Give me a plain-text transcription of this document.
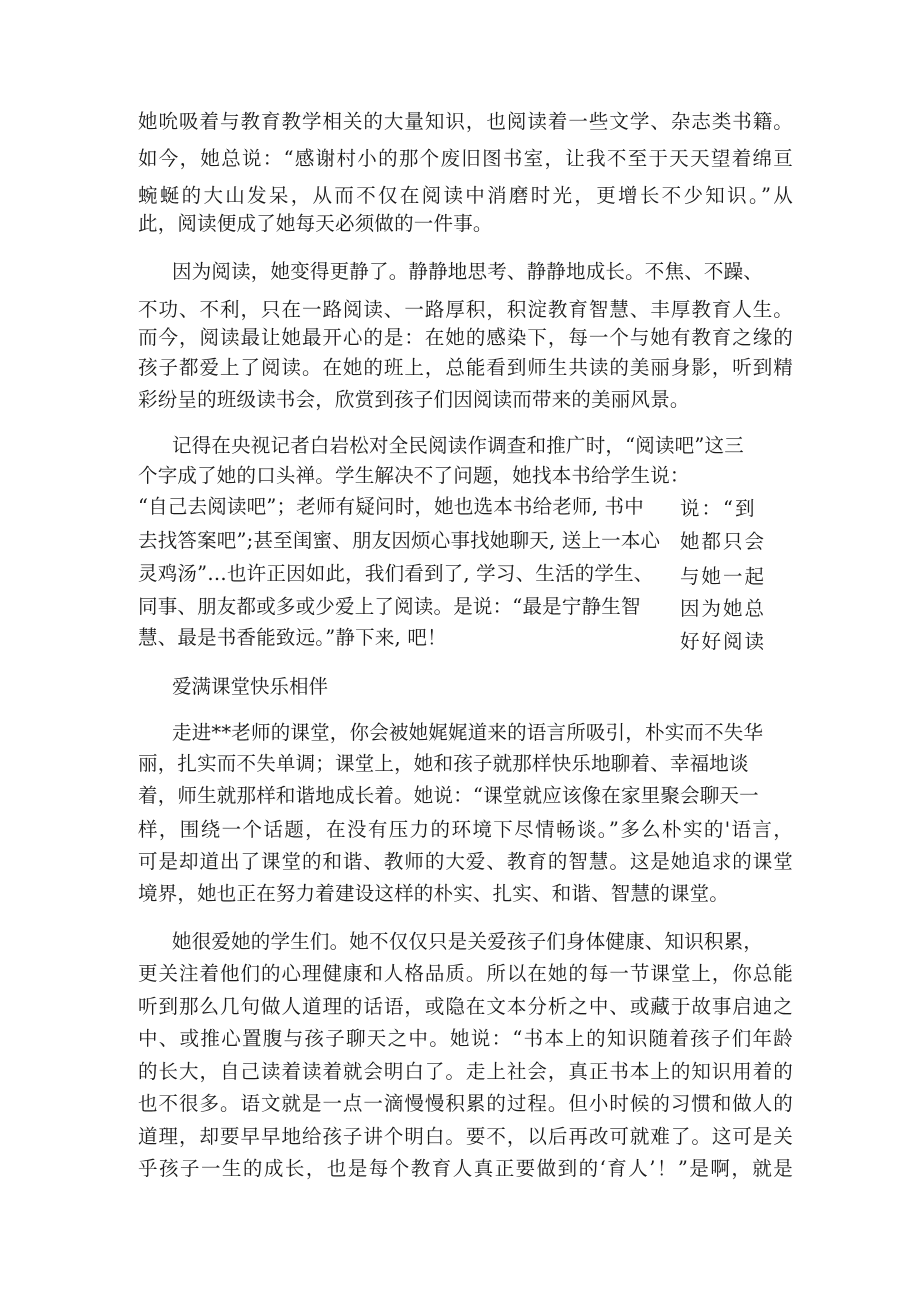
她吮吸着与教育教学相关的大量知识，也阅读着一些文学、杂志类书籍。
如今，她总说：“感谢村小的那个废旧图书室，让我不至于天天望着绵亘
蜿蜒的大山发呆，从而不仅在阅读中消磨时光，更增长不少知识。”从
此，阅读便成了她每天必须做的一件事。
因为阅读，她变得更静了。静静地思考、静静地成长。不焦、不躁、
不功、不利，只在一路阅读、一路厚积，积淀教育智慧、丰厚教育人生。
而今，阅读最让她最开心的是：在她的感染下，每一个与她有教育之缘的
孩子都爱上了阅读。在她的班上，总能看到师生共读的美丽身影，听到精
彩纷呈的班级读书会，欣赏到孩子们因阅读而带来的美丽风景。
记得在央视记者白岩松对全民阅读作调查和推广时，“阅读吧”这三
个字成了她的口头禅。学生解决不了问题，她找本书给学生说：
“自己去阅读吧”；老师有疑问时，她也选本书给老师, 书中
去找答案吧”;甚至闺蜜、朋友因烦心事找她聊天, 送上一本心
灵鸡汤”…也许正因如此，我们看到了, 学习、生活的学生、
同事、朋友都或多或少爱上了阅读。是说：“最是宁静生智
慧、最是书香能致远。”静下来, 吧！
说：“到
她都只会
与她一起
因为她总
好好阅读
爱满课堂快乐相伴
走进**老师的课堂，你会被她娓娓道来的语言所吸引，朴实而不失华
丽，扎实而不失单调；课堂上，她和孩子就那样快乐地聊着、幸福地谈
着，师生就那样和谐地成长着。她说：“课堂就应该像在家里聚会聊天一
样，围绕一个话题，在没有压力的环境下尽情畅谈。”多么朴实的'语言，
可是却道出了课堂的和谐、教师的大爱、教育的智慧。这是她追求的课堂
境界，她也正在努力着建设这样的朴实、扎实、和谐、智慧的课堂。
她很爱她的学生们。她不仅仅只是关爱孩子们身体健康、知识积累，
更关注着他们的心理健康和人格品质。所以在她的每一节课堂上，你总能
听到那么几句做人道理的话语，或隐在文本分析之中、或藏于故事启迪之
中、或推心置腹与孩子聊天之中。她说：“书本上的知识随着孩子们年龄
的长大，自己读着读着就会明白了。走上社会，真正书本上的知识用着的
也不很多。语文就是一点一滴慢慢积累的过程。但小时候的习惯和做人的
道理，却要早早地给孩子讲个明白。要不，以后再改可就难了。这可是关
乎孩子一生的成长，也是每个教育人真正要做到的‘育人’！”是啊，就是
